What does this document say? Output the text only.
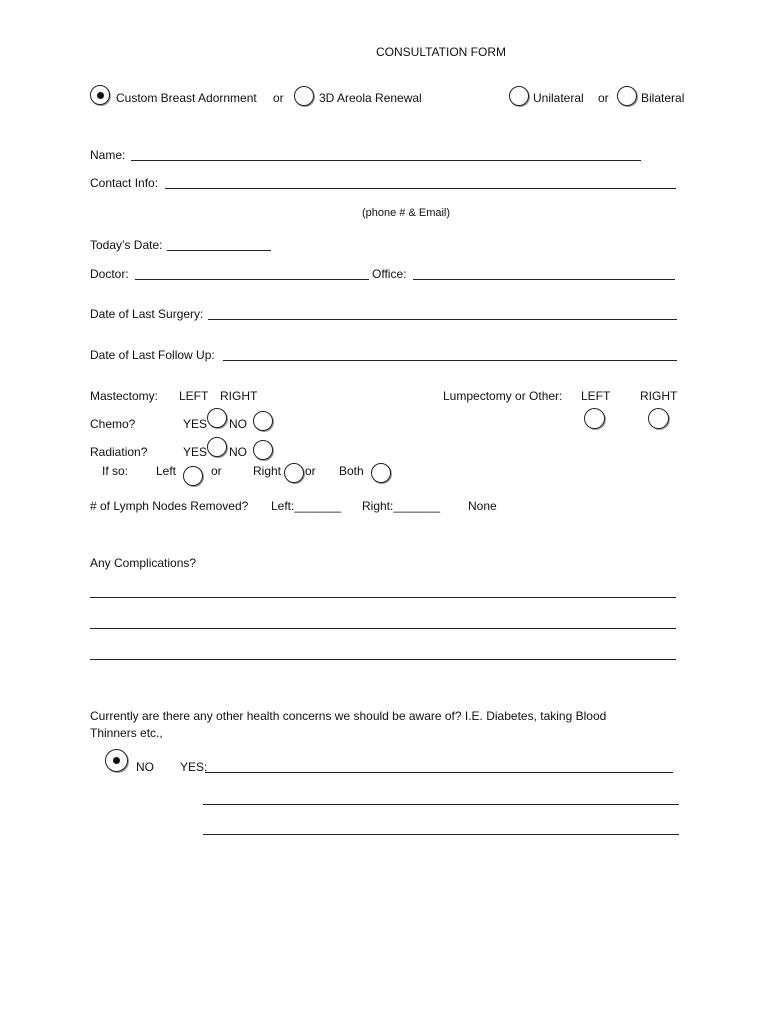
CONSULTATION FORM
Custom Breast Adornment or	3D Areola Renewal	Unilateral or	Bilateral
Name:
Contact Info:
(phone # & Email)
Today’s Date:
Doctor:	Office:
Date of Last Surgery:
Date of Last Follow Up:
Mastectomy: LEFT RIGHT	Lumpectomy or Other: LEFT RIGHT
Chemo?	YES NO
Radiation?	YES NO
If so: Left	or	Right or Both
# of Lymph Nodes Removed? Left:_______ Right:_______ None
Any Complications?
Currently are there any other health concerns we should be aware of? I.E. Diabetes, taking Blood
Thinners etc.,
NO YES:
